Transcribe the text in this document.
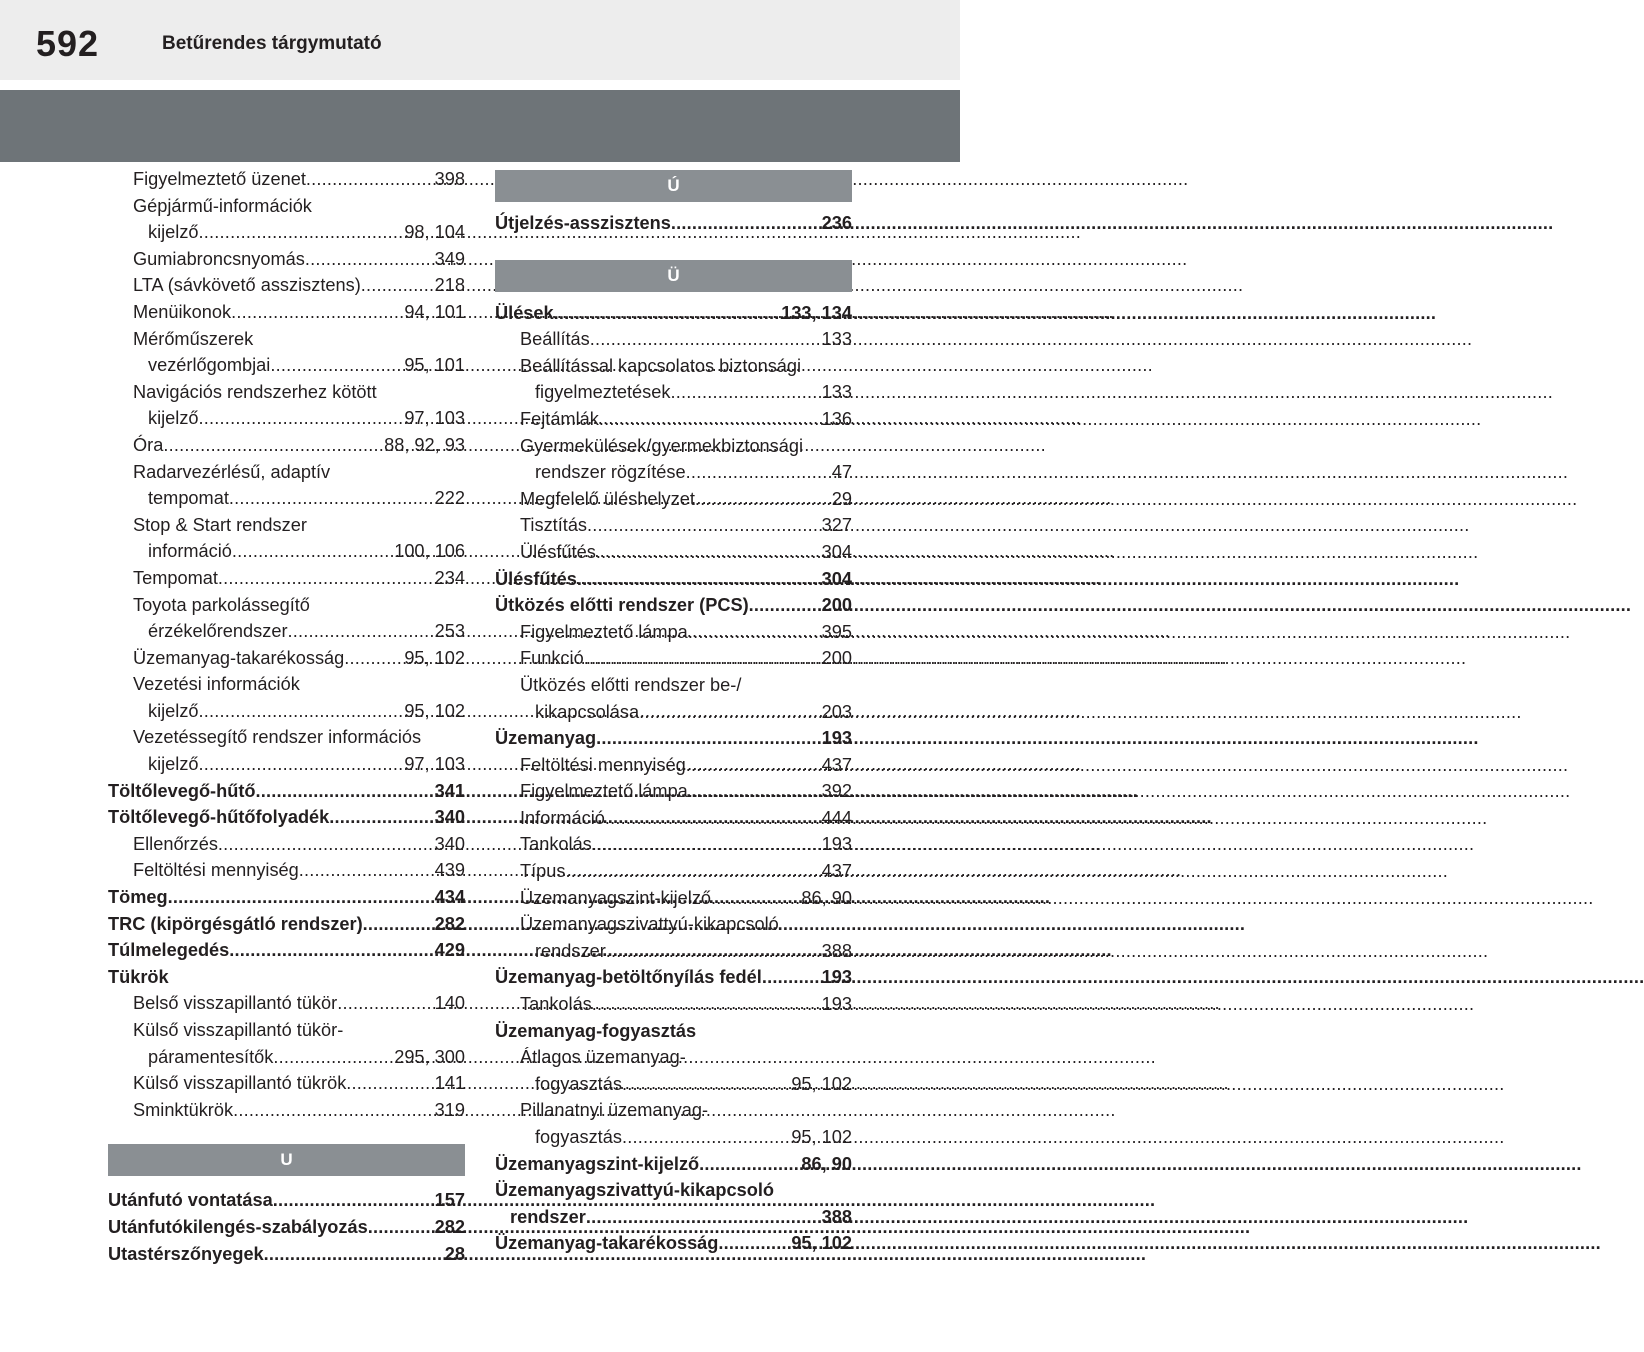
592	Betűrendes tárgymutató
Figyelmeztető üzenet .....	398
Gépjármű-információk
kijelző .....	98, 104
Gumiabroncsnyomás .....	349
LTA (sávkövető asszisztens) .....	218
Menüikonok .....	94, 101
Mérőműszerek
vezérlőgombjai .....	95, 101
Navigációs rendszerhez kötött
kijelző .....	97, 103
Óra .....	88, 92, 93
Radarvezérlésű, adaptív
tempomat .....	222
Stop & Start rendszer
információ .....	100, 106
Tempomat .....	234
Toyota parkolássegítő
érzékelőrendszer .....	253
Üzemanyag-takarékosság .....	95, 102
Vezetési információk
kijelző .....	95, 102
Vezetéssegítő rendszer információs
kijelző .....	97, 103
Töltőlevegő-hűtő .....	341
Töltőlevegő-hűtőfolyadék .....	340
Ellenőrzés .....	340
Feltöltési mennyiség .....	439
Tömeg .....	434
TRC (kipörgésgátló rendszer) .....	282
Túlmelegedés .....	429
Tükrök
Belső visszapillantó tükör .....	140
Külső visszapillantó tükör-
páramentesítők .....	295, 300
Külső visszapillantó tükrök .....	141
Sminktükrök .....	319
U
Utánfutó vontatása .....	157
Utánfutókilengés-szabályozás .....	282
Utastérszőnyegek .....	28
Ú
Útjelzés-asszisztens .....	236
Ü
Ülések .....	133, 134
Beállítás .....	133
Beállítással kapcsolatos biztonsági
figyelmeztetések .....	133
Fejtámlák .....	136
Gyermekülések/gyermekbiztonsági
rendszer rögzítése .....	47
Megfelelő üléshelyzet .....	29
Tisztítás .....	327
Ülésfűtés .....	304
Ülésfűtés .....	304
Ütközés előtti rendszer (PCS) .....	200
Figyelmeztető lámpa .....	395
Funkció .....	200
Ütközés előtti rendszer be-/
kikapcsolása .....	203
Üzemanyag .....	193
Feltöltési mennyiség .....	437
Figyelmeztető lámpa .....	392
Információ .....	444
Tankolás .....	193
Típus .....	437
Üzemanyagszint-kijelző .....	86, 90
Üzemanyagszivattyú-kikapcsoló
rendszer .....	388
Üzemanyag-betöltőnyílás fedél .....	193
Tankolás .....	193
Üzemanyag-fogyasztás
Átlagos üzemanyag-
fogyasztás .....	95, 102
Pillanatnyi üzemanyag-
fogyasztás .....	95, 102
Üzemanyagszint-kijelző .....	86, 90
Üzemanyagszivattyú-kikapcsoló
rendszer .....	388
Üzemanyag-takarékosság .....	95, 102
